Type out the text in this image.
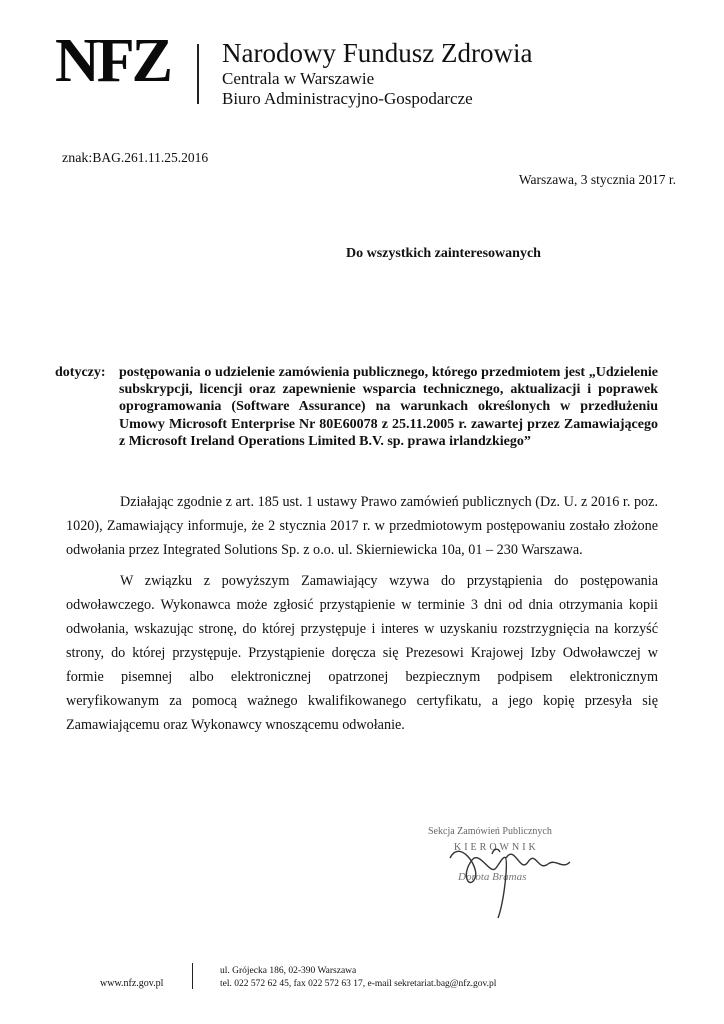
NFZ Narodowy Fundusz Zdrowia
Centrala w Warszawie
Biuro Administracyjno-Gospodarcze
znak:BAG.261.11.25.2016
Warszawa, 3 stycznia 2017 r.
Do wszystkich zainteresowanych
dotyczy: postępowania o udzielenie zamówienia publicznego, którego przedmiotem jest „Udzielenie subskrypcji, licencji oraz zapewnienie wsparcia technicznego, aktualizacji i poprawek oprogramowania (Software Assurance) na warunkach określonych w przedłużeniu Umowy Microsoft Enterprise Nr 80E60078 z 25.11.2005 r. zawartej przez Zamawiającego z Microsoft Ireland Operations Limited B.V. sp. prawa irlandzkiego”

Działając zgodnie z art. 185 ust. 1 ustawy Prawo zamówień publicznych (Dz. U. z 2016 r. poz. 1020), Zamawiający informuje, że 2 stycznia 2017 r. w przedmiotowym postępowaniu zostało złożone odwołania przez Integrated Solutions Sp. z o.o. ul. Skierniewicka 10a, 01 – 230 Warszawa.

W związku z powyższym Zamawiający wzywa do przystąpienia do postępowania odwoławczego. Wykonawca może zgłosić przystąpienie w terminie 3 dni od dnia otrzymania kopii odwołania, wskazując stronę, do której przystępuje i interes w uzyskaniu rozstrzygnięcia na korzyść strony, do której przystępuje. Przystąpienie doręcza się Prezesowi Krajowej Izby Odwoławczej w formie pisemnej albo elektronicznej opatrzonej bezpiecznym podpisem elektronicznym weryfikowanym za pomocą ważnego kwalifikowanego certyfikatu, a jego kopię przesyła się Zamawiającemu oraz Wykonawcy wnoszącemu odwołanie.

Sekcja Zamówień Publicznych
KIEROWNIK
Dorota Bramas
www.nfz.gov.pl
ul. Grójecka 186, 02-390 Warszawa
tel. 022 572 62 45, fax 022 572 63 17, e-mail sekretariat.bag@nfz.gov.pl
